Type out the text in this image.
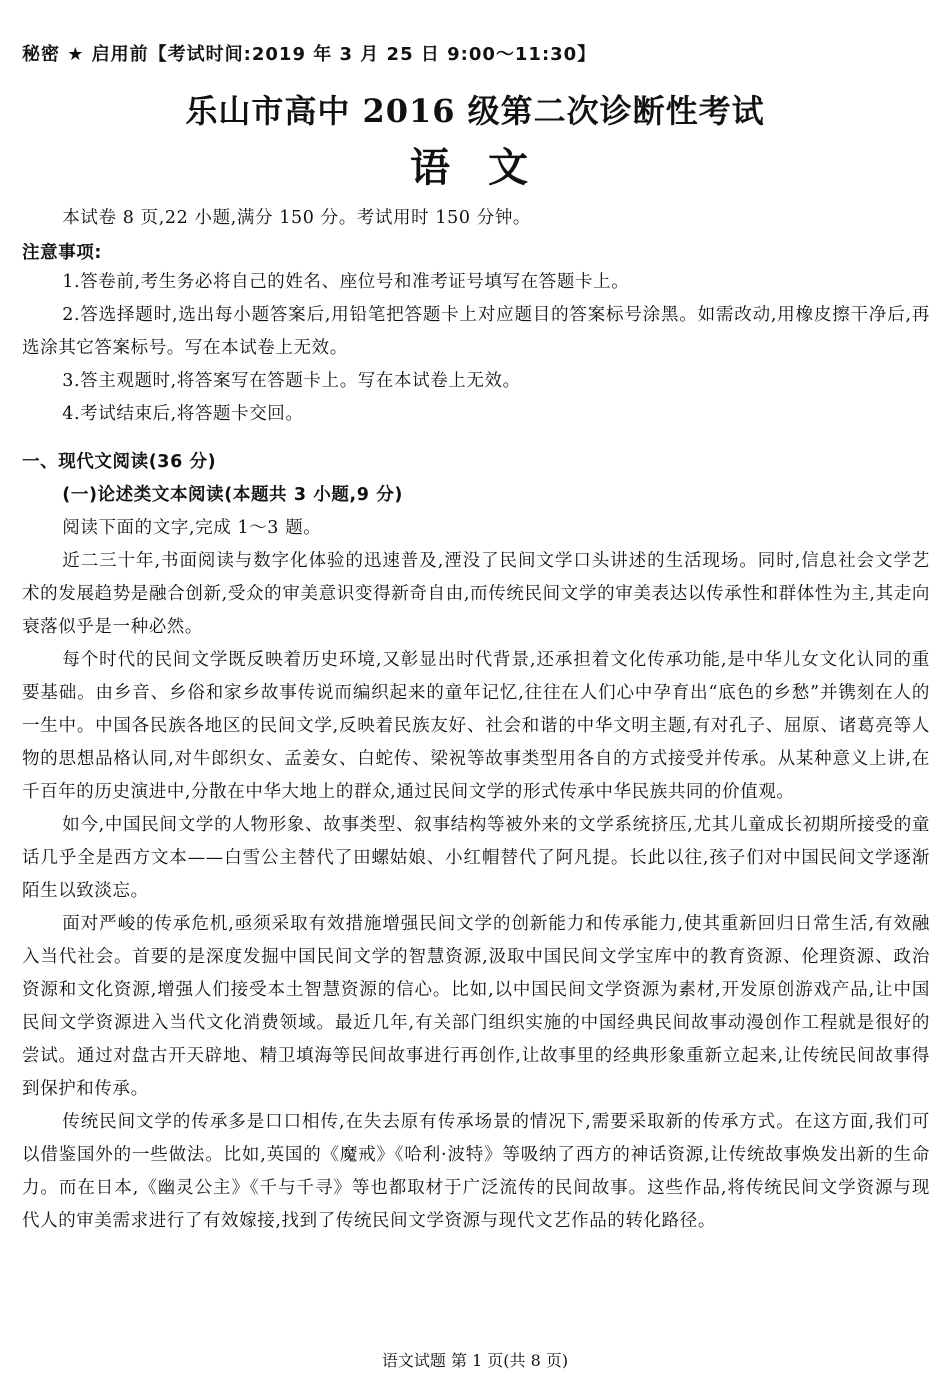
秘密 ★ 启用前【考试时间:2019 年 3 月 25 日 9:00～11:30】
乐山市高中 2016 级第二次诊断性考试
语 文

本试卷 8 页,22 小题,满分 150 分。考试用时 150 分钟。

注意事项:

1.答卷前,考生务必将自己的姓名、座位号和准考证号填写在答题卡上。

2.答选择题时,选出每小题答案后,用铅笔把答题卡上对应题目的答案标号涂黑。如需改动,用橡皮擦干净后,再选涂其它答案标号。写在本试卷上无效。

3.答主观题时,将答案写在答题卡上。写在本试卷上无效。

4.考试结束后,将答题卡交回。

一、现代文阅读(36 分)

(一)论述类文本阅读(本题共 3 小题,9 分)

阅读下面的文字,完成 1～3 题。

近二三十年,书面阅读与数字化体验的迅速普及,湮没了民间文学口头讲述的生活现场。同时,信息社会文学艺术的发展趋势是融合创新,受众的审美意识变得新奇自由,而传统民间文学的审美表达以传承性和群体性为主,其走向衰落似乎是一种必然。

每个时代的民间文学既反映着历史环境,又彰显出时代背景,还承担着文化传承功能,是中华儿女文化认同的重要基础。由乡音、乡俗和家乡故事传说而编织起来的童年记忆,往往在人们心中孕育出“底色的乡愁”并镌刻在人的一生中。中国各民族各地区的民间文学,反映着民族友好、社会和谐的中华文明主题,有对孔子、屈原、诸葛亮等人物的思想品格认同,对牛郎织女、孟姜女、白蛇传、梁祝等故事类型用各自的方式接受并传承。从某种意义上讲,在千百年的历史演进中,分散在中华大地上的群众,通过民间文学的形式传承中华民族共同的价值观。

如今,中国民间文学的人物形象、故事类型、叙事结构等被外来的文学系统挤压,尤其儿童成长初期所接受的童话几乎全是西方文本——白雪公主替代了田螺姑娘、小红帽替代了阿凡提。长此以往,孩子们对中国民间文学逐渐陌生以致淡忘。

面对严峻的传承危机,亟须采取有效措施增强民间文学的创新能力和传承能力,使其重新回归日常生活,有效融入当代社会。首要的是深度发掘中国民间文学的智慧资源,汲取中国民间文学宝库中的教育资源、伦理资源、政治资源和文化资源,增强人们接受本土智慧资源的信心。比如,以中国民间文学资源为素材,开发原创游戏产品,让中国民间文学资源进入当代文化消费领域。最近几年,有关部门组织实施的中国经典民间故事动漫创作工程就是很好的尝试。通过对盘古开天辟地、精卫填海等民间故事进行再创作,让故事里的经典形象重新立起来,让传统民间故事得到保护和传承。

传统民间文学的传承多是口口相传,在失去原有传承场景的情况下,需要采取新的传承方式。在这方面,我们可以借鉴国外的一些做法。比如,英国的《魔戒》《哈利·波特》等吸纳了西方的神话资源,让传统故事焕发出新的生命力。而在日本,《幽灵公主》《千与千寻》等也都取材于广泛流传的民间故事。这些作品,将传统民间文学资源与现代人的审美需求进行了有效嫁接,找到了传统民间文学资源与现代文艺作品的转化路径。

语文试题 第 1 页(共 8 页)
